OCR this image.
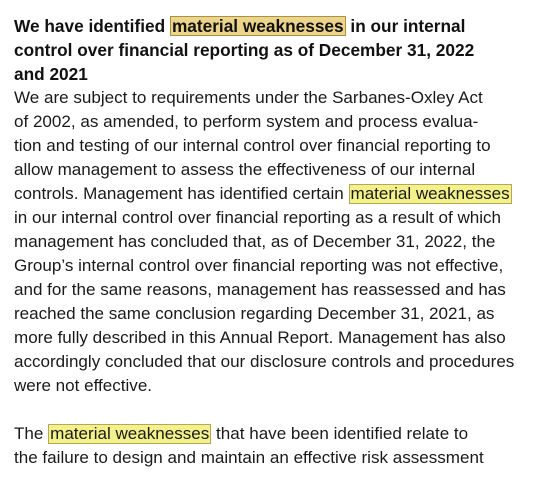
We have identified material weaknesses in our internal
control over financial reporting as of December 31, 2022
and 2021
We are subject to requirements under the Sarbanes-Oxley Act
of 2002, as amended, to perform system and process evalua-
tion and testing of our internal control over financial reporting to
allow management to assess the effectiveness of our internal
controls. Management has identified certain material weaknesses
in our internal control over financial reporting as a result of which
management has concluded that, as of December 31, 2022, the
Group’s internal control over financial reporting was not effective,
and for the same reasons, management has reassessed and has
reached the same conclusion regarding December 31, 2021, as
more fully described in this Annual Report. Management has also
accordingly concluded that our disclosure controls and procedures
were not effective.
The material weaknesses that have been identified relate to
the failure to design and maintain an effective risk assessment
